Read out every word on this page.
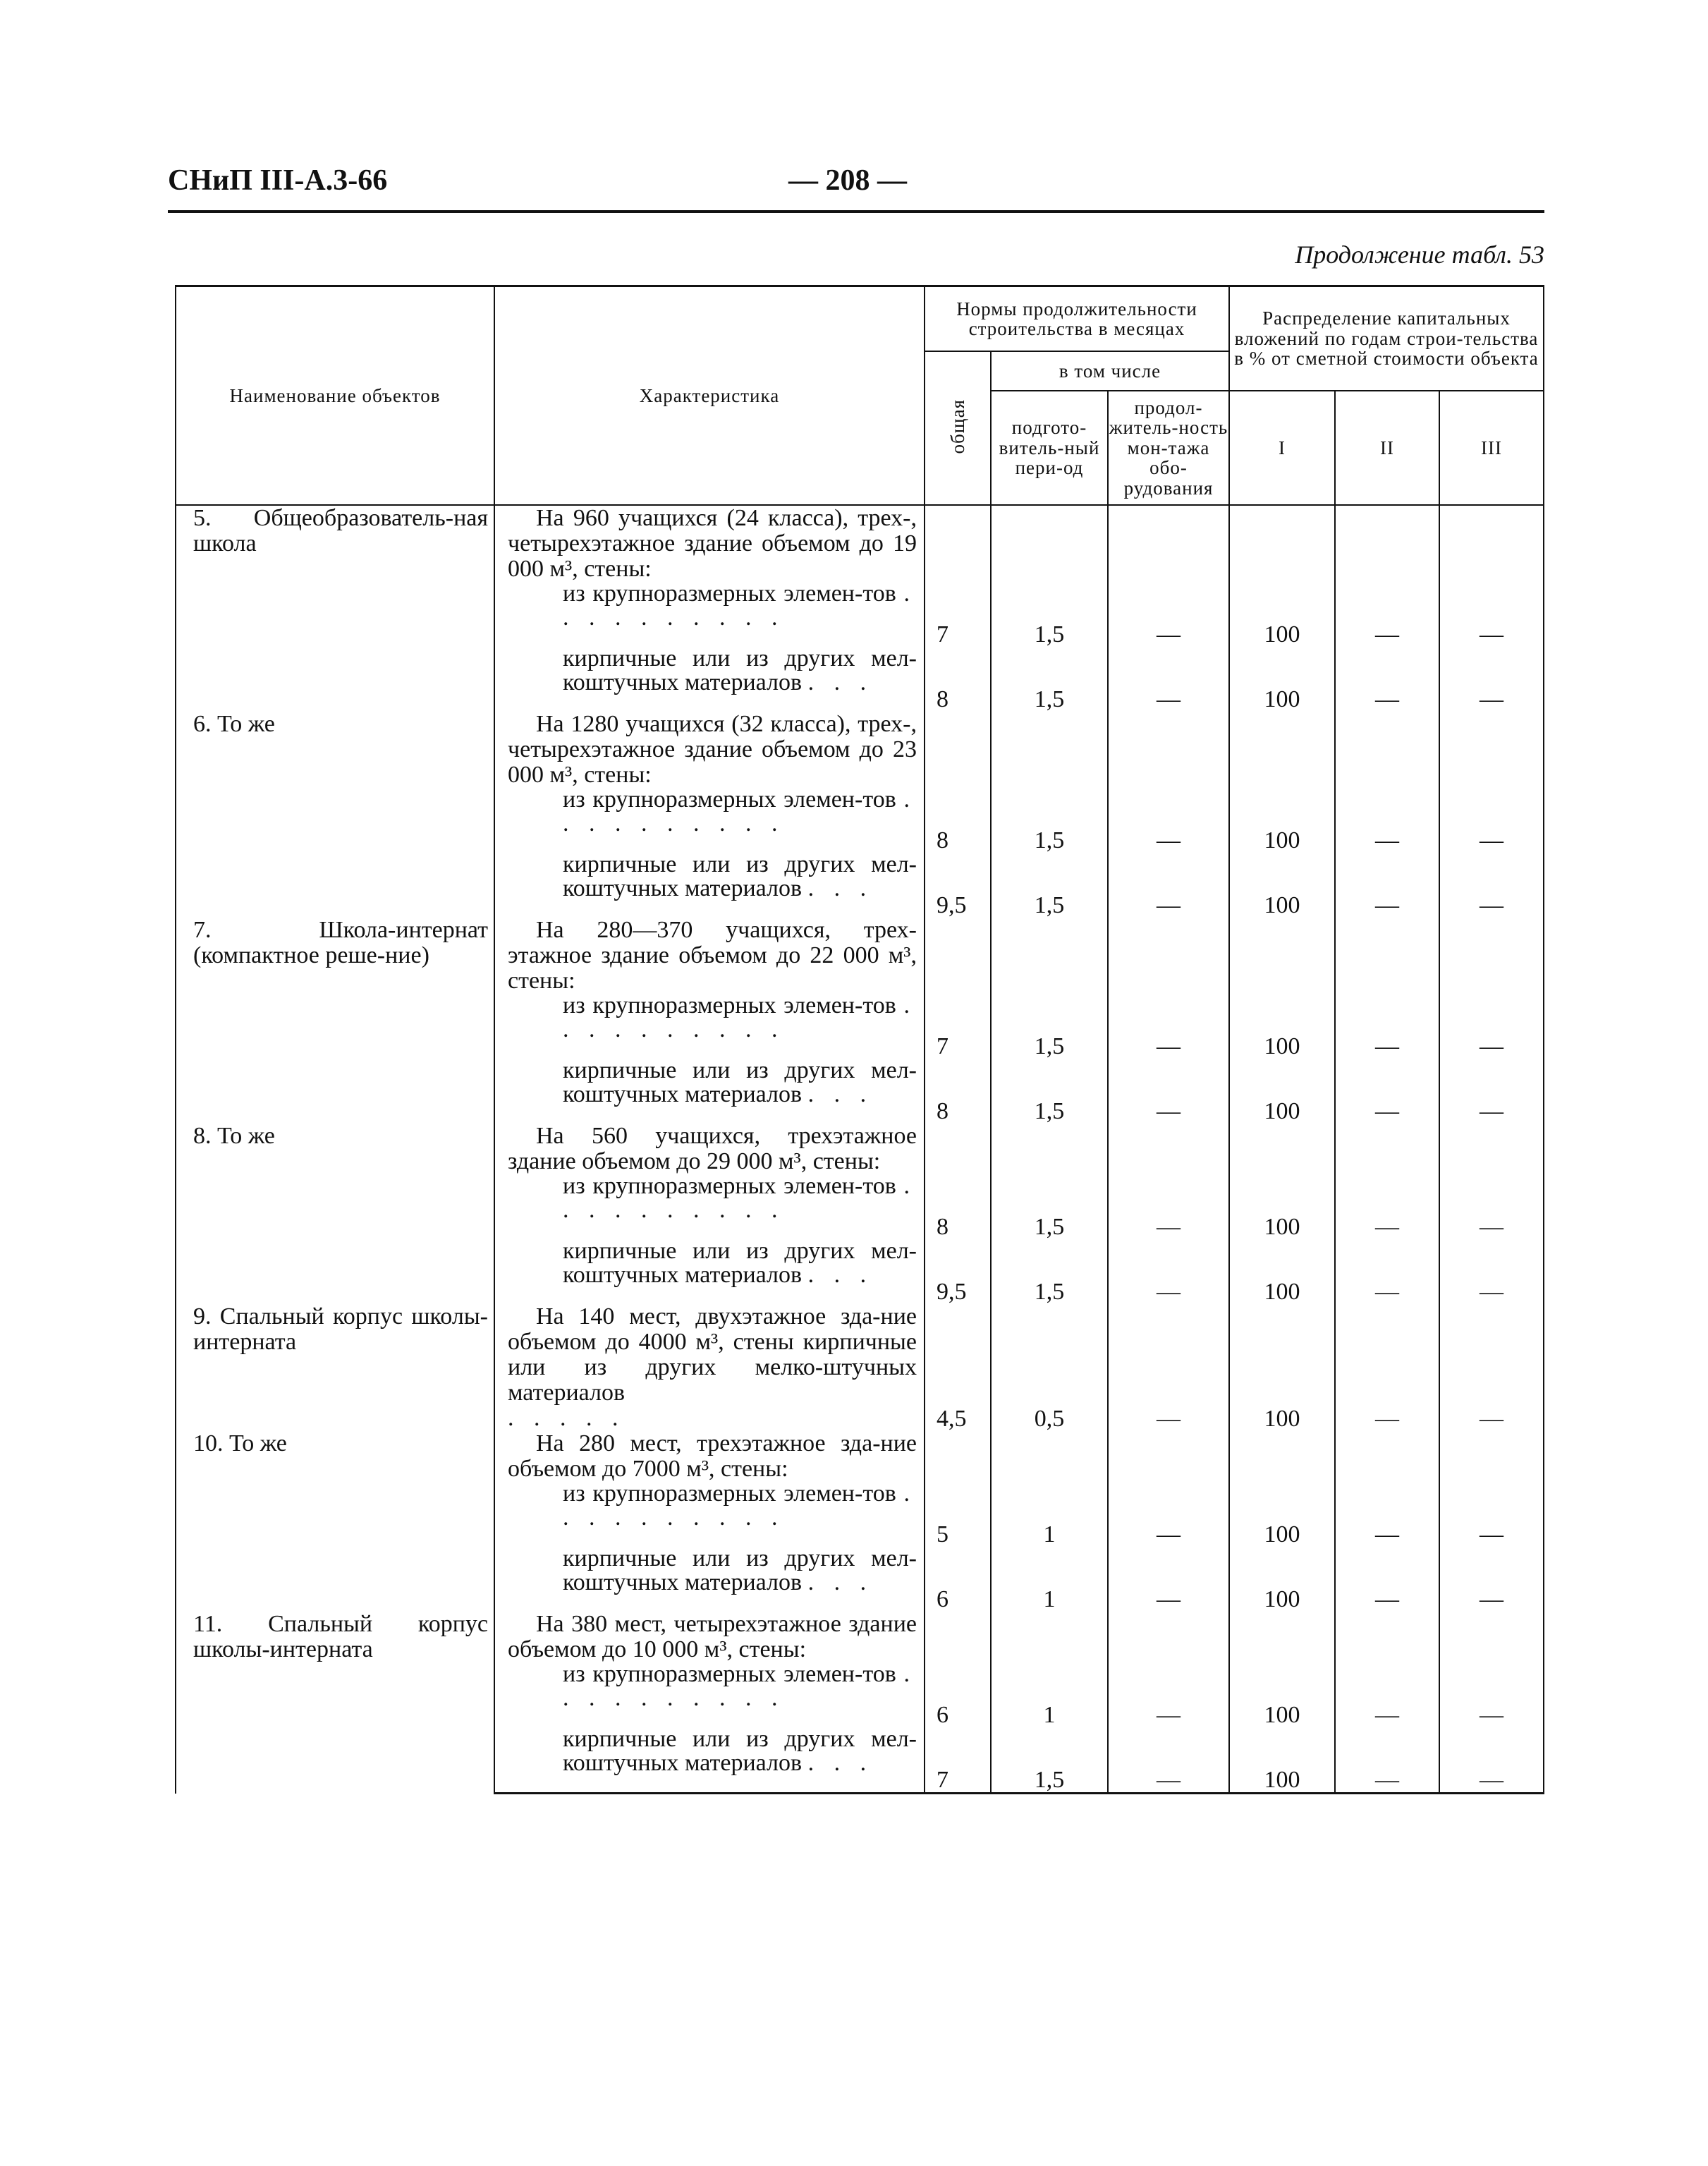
СНиП III-А.3-66	— 208 —
Продолжение табл. 53
Наименование объектов	Характеристика	Нормы продолжительности строительства в месяцах			Распределение капитальных вложений по годам строи-тельства в % от сметной стоимости объекта		
		общая	в том числе				
			подгото-витель-ный пери-од	продол-житель-ность мон-тажа обо-рудования	I	II	III
5. Общеобразователь-ная школа	На 960 учащихся (24 класса), трех-, четырехэтажное здание объемом до 19 000 м³, стены:						

	из крупноразмерных элемен-тов . . . . . . . . . .	7	1,5	—	100	—	—

	кирпичные или из других мел-коштучных материалов . . .	8	1,5	—	100	—	—
6. То же	На 1280 учащихся (32 класса), трех-, четырехэтажное здание объемом до 23 000 м³, стены:						

	из крупноразмерных элемен-тов . . . . . . . . . .	8	1,5	—	100	—	—

	кирпичные или из других мел-коштучных материалов . . .	9,5	1,5	—	100	—	—
7. Школа-интернат (компактное реше-ние)	На 280—370 учащихся, трех-этажное здание объемом до 22 000 м³, стены:						

	из крупноразмерных элемен-тов . . . . . . . . . .	7	1,5	—	100	—	—

	кирпичные или из других мел-коштучных материалов . . .	8	1,5	—	100	—	—
8. То же	На 560 учащихся, трехэтажное здание объемом до 29 000 м³, стены:						

	из крупноразмерных элемен-тов . . . . . . . . . .	8	1,5	—	100	—	—

	кирпичные или из других мел-коштучных материалов . . .	9,5	1,5	—	100	—	—
9. Спальный корпус школы-интерната	На 140 мест, двухэтажное зда-ние объемом до 4000 м³, стены кирпичные или из других мелко-штучных материалов
. . . . .	4,5	0,5	—	100	—	—
10. То же	На 280 мест, трехэтажное зда-ние объемом до 7000 м³, стены:						

	из крупноразмерных элемен-тов . . . . . . . . . .	5	1	—	100	—	—

	кирпичные или из других мел-коштучных материалов . . .	6	1	—	100	—	—
11. Спальный корпус школы-интерната	На 380 мест, четырехэтажное здание объемом до 10 000 м³, стены:						

	из крупноразмерных элемен-тов . . . . . . . . . .	6	1	—	100	—	—

	кирпичные или из других мел-коштучных материалов . . .	7	1,5	—	100	—	—
